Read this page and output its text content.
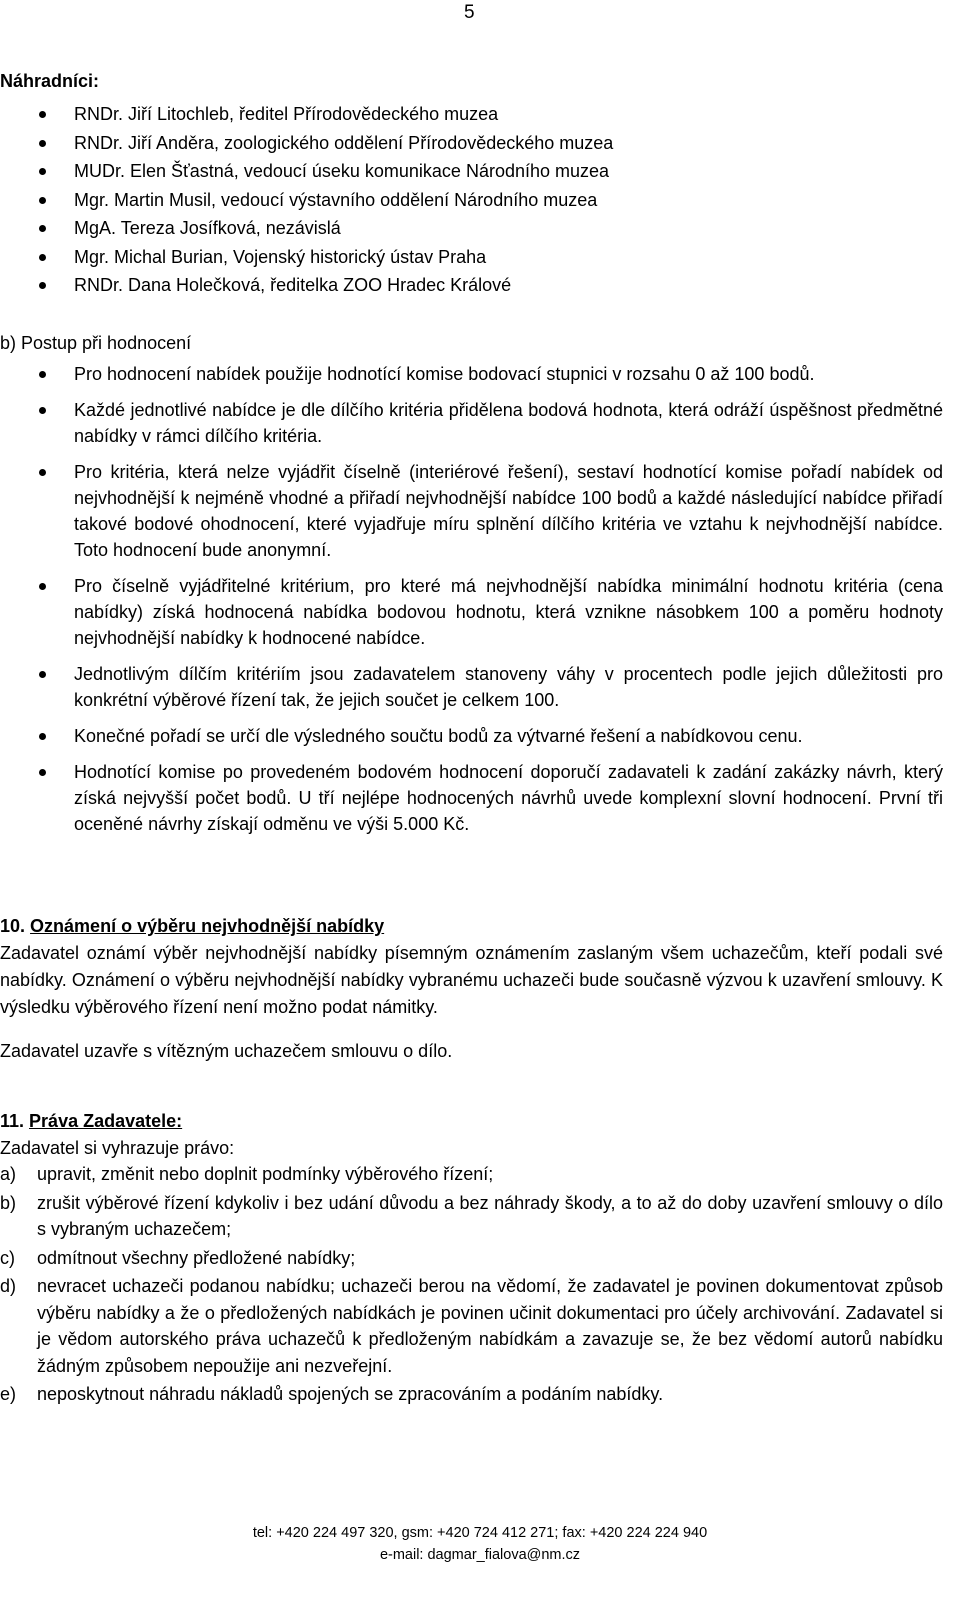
5
Náhradníci:
RNDr. Jiří Litochleb, ředitel Přírodovědeckého muzea
RNDr. Jiří Anděra, zoologického oddělení Přírodovědeckého muzea
MUDr. Elen Šťastná, vedoucí úseku komunikace Národního muzea
Mgr. Martin Musil, vedoucí výstavního oddělení Národního muzea
MgA. Tereza Josífková, nezávislá
Mgr. Michal Burian, Vojenský historický ústav Praha
RNDr. Dana Holečková, ředitelka ZOO Hradec Králové
b) Postup při hodnocení
Pro hodnocení nabídek použije hodnotící komise bodovací stupnici v rozsahu 0 až 100 bodů.
Každé jednotlivé nabídce je dle dílčího kritéria přidělena bodová hodnota, která odráží úspěšnost předmětné nabídky v rámci dílčího kritéria.
Pro kritéria, která nelze vyjádřit číselně (interiérové řešení), sestaví hodnotící komise pořadí nabídek od nejvhodnější k nejméně vhodné a přiřadí nejvhodnější nabídce 100 bodů a každé následující nabídce přiřadí takové bodové ohodnocení, které vyjadřuje míru splnění dílčího kritéria ve vztahu k nejvhodnější nabídce. Toto hodnocení bude anonymní.
Pro číselně vyjádřitelné kritérium, pro které má nejvhodnější nabídka minimální hodnotu kritéria (cena nabídky) získá hodnocená nabídka bodovou hodnotu, která vznikne násobkem 100 a poměru hodnoty nejvhodnější nabídky k hodnocené nabídce.
Jednotlivým dílčím kritériím jsou zadavatelem stanoveny váhy v procentech podle jejich důležitosti pro konkrétní výběrové řízení tak, že jejich součet je celkem 100.
Konečné pořadí se určí dle výsledného součtu bodů za výtvarné řešení a nabídkovou cenu.
Hodnotící komise po provedeném bodovém hodnocení doporučí zadavateli k zadání zakázky návrh, který získá nejvyšší počet bodů. U tří nejlépe hodnocených návrhů uvede komplexní slovní hodnocení. První tři oceněné návrhy získají odměnu ve výši 5.000 Kč.
10. Oznámení o výběru nejvhodnější nabídky

Zadavatel oznámí výběr nejvhodnější nabídky písemným oznámením zaslaným všem uchazečům, kteří podali své nabídky. Oznámení o výběru nejvhodnější nabídky vybranému uchazeči bude současně výzvou k uzavření smlouvy. K výsledku výběrového řízení není možno podat námitky.

Zadavatel uzavře s vítězným uchazečem smlouvu o dílo.

11. Práva Zadavatele:

Zadavatel si vyhrazuje právo:

a) upravit, změnit nebo doplnit podmínky výběrového řízení;
b) zrušit výběrové řízení kdykoliv i bez udání důvodu a bez náhrady škody, a to až do doby uzavření smlouvy o dílo s vybraným uchazečem;
c) odmítnout všechny předložené nabídky;
d) nevracet uchazeči podanou nabídku; uchazeči berou na vědomí, že zadavatel je povinen dokumentovat způsob výběru nabídky a že o předložených nabídkách je povinen učinit dokumentaci pro účely archivování. Zadavatel si je vědom autorského práva uchazečů k předloženým nabídkám a zavazuje se, že bez vědomí autorů nabídku žádným způsobem nepoužije ani nezveřejní.
e) neposkytnout náhradu nákladů spojených se zpracováním a podáním nabídky.
tel: +420 224 497 320, gsm: +420 724 412 271; fax: +420 224 224 940
e-mail: dagmar_fialova@nm.cz
